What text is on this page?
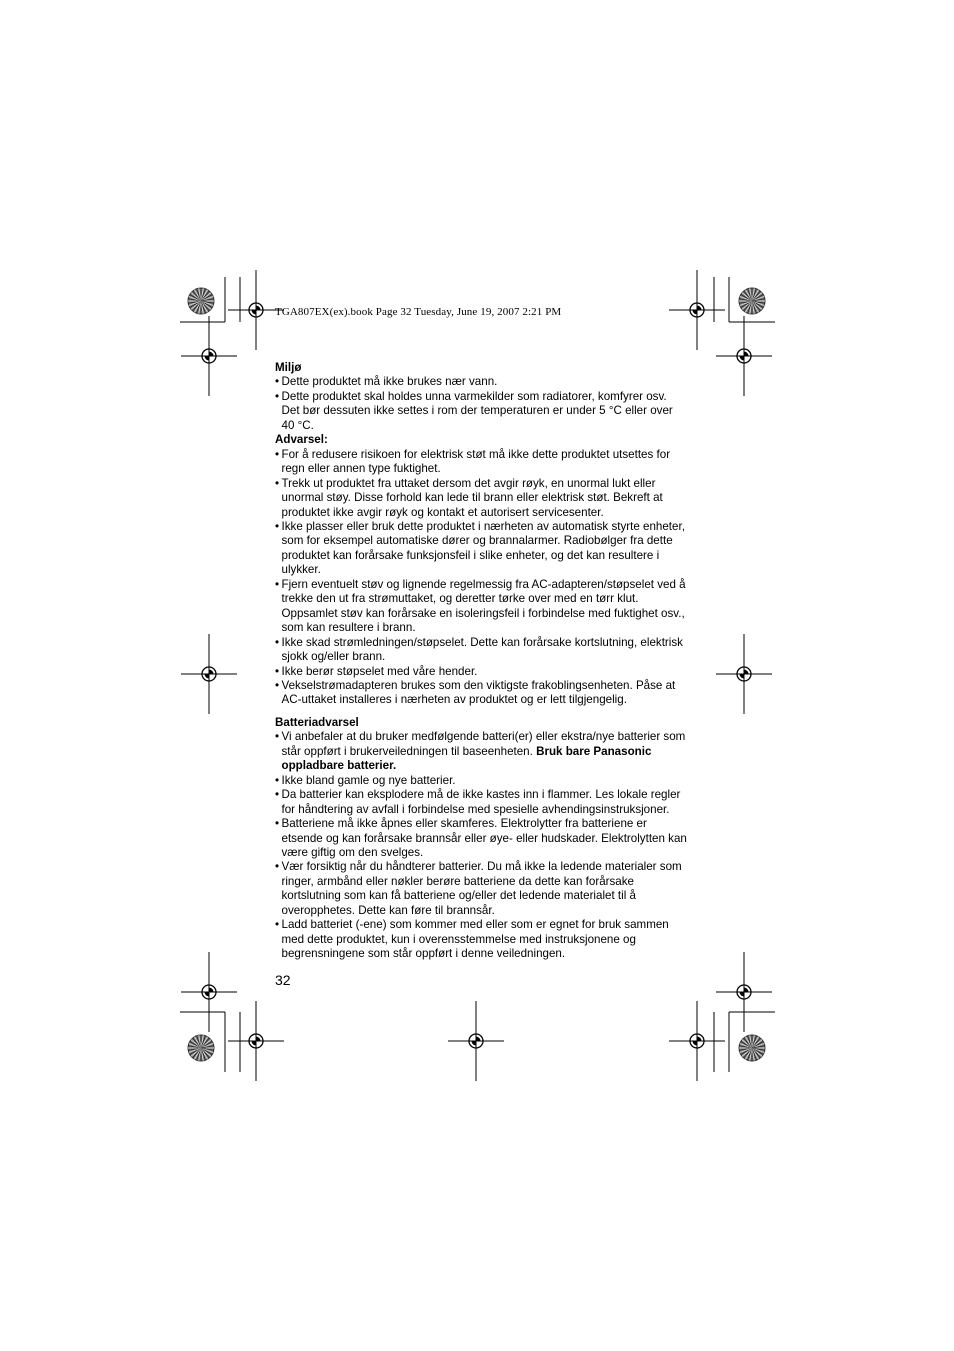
TGA807EX(ex).book Page 32 Tuesday, June 19, 2007 2:21 PM

Miljø

• Dette produktet må ikke brukes nær vann.

• Dette produktet skal holdes unna varmekilder som radiatorer, komfyrer osv. Det bør dessuten ikke settes i rom der temperaturen er under 5 °C eller over 40 °C.

Advarsel:

• For å redusere risikoen for elektrisk støt må ikke dette produktet utsettes for regn eller annen type fuktighet.

• Trekk ut produktet fra uttaket dersom det avgir røyk, en unormal lukt eller unormal støy. Disse forhold kan lede til brann eller elektrisk støt. Bekreft at produktet ikke avgir røyk og kontakt et autorisert servicesenter.

• Ikke plasser eller bruk dette produktet i nærheten av automatisk styrte enheter, som for eksempel automatiske dører og brannalarmer. Radiobølger fra dette produktet kan forårsake funksjonsfeil i slike enheter, og det kan resultere i ulykker.

• Fjern eventuelt støv og lignende regelmessig fra AC-adapteren/støpselet ved å trekke den ut fra strømuttaket, og deretter tørke over med en tørr klut. Oppsamlet støv kan forårsake en isoleringsfeil i forbindelse med fuktighet osv., som kan resultere i brann.

• Ikke skad strømledningen/støpselet. Dette kan forårsake kortslutning, elektrisk sjokk og/eller brann.

• Ikke berør støpselet med våre hender.

• Vekselstrømadapteren brukes som den viktigste frakoblingsenheten. Påse at AC-uttaket installeres i nærheten av produktet og er lett tilgjengelig.

Batteriadvarsel

• Vi anbefaler at du bruker medfølgende batteri(er) eller ekstra/nye batterier som står oppført i brukerveiledningen til baseenheten. Bruk bare Panasonic oppladbare batterier.

• Ikke bland gamle og nye batterier.

• Da batterier kan eksplodere må de ikke kastes inn i flammer. Les lokale regler for håndtering av avfall i forbindelse med spesielle avhendingsinstruksjoner.

• Batteriene må ikke åpnes eller skamferes. Elektrolytter fra batteriene er etsende og kan forårsake brannsår eller øye- eller hudskader. Elektrolytten kan være giftig om den svelges.

• Vær forsiktig når du håndterer batterier. Du må ikke la ledende materialer som ringer, armbånd eller nøkler berøre batteriene da dette kan forårsake kortslutning som kan få batteriene og/eller det ledende materialet til å overopphetes. Dette kan føre til brannsår.

• Ladd batteriet (-ene) som kommer med eller som er egnet for bruk sammen med dette produktet, kun i overensstemmelse med instruksjonene og begrensningene som står oppført i denne veiledningen.

32
